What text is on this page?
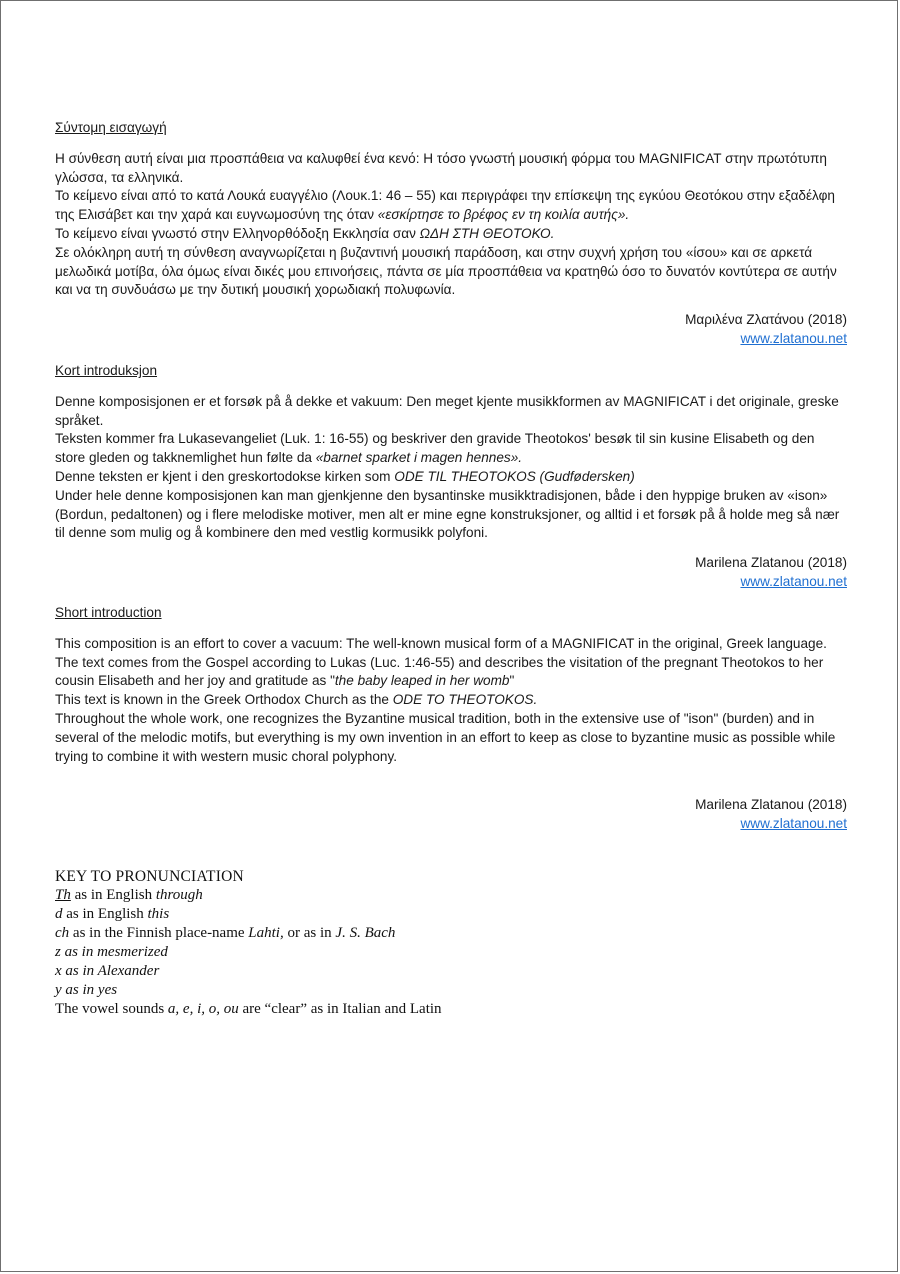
Σύντομη εισαγωγή

Η σύνθεση αυτή είναι μια προσπάθεια να καλυφθεί ένα κενό: Η τόσο γνωστή μουσική φόρμα του MAGNIFICAT στην πρωτότυπη γλώσσα, τα ελληνικά.

Το κείμενο είναι από το κατά Λουκά ευαγγέλιο (Λουκ.1: 46 – 55) και περιγράφει την επίσκεψη της εγκύου Θεοτόκου στην εξαδέλφη της Ελισάβετ και την χαρά και ευγνωμοσύνη της όταν «εσκίρτησε το βρέφος εν τη κοιλία αυτής».

Το κείμενο είναι γνωστό στην Ελληνορθόδοξη Εκκλησία σαν ΩΔΗ ΣΤΗ ΘΕΟΤΟΚΟ.

Σε ολόκληρη αυτή τη σύνθεση αναγνωρίζεται η βυζαντινή μουσική παράδοση, και στην συχνή χρήση του «ίσου» και σε αρκετά μελωδικά μοτίβα, όλα όμως είναι δικές μου επινοήσεις, πάντα σε μία προσπάθεια να κρατηθώ όσο το δυνατόν κοντύτερα σε αυτήν και να τη συνδυάσω με την δυτική μουσική χορωδιακή πολυφωνία.

Μαριλένα Ζλατάνου (2018)
www.zlatanou.net
Kort introduksjon

Denne komposisjonen er et forsøk på å dekke et vakuum: Den meget kjente musikkformen av MAGNIFICAT i det originale, greske språket.

Teksten kommer fra Lukasevangeliet (Luk. 1: 16-55) og beskriver den gravide Theotokos' besøk til sin kusine Elisabeth og den store gleden og takknemlighet hun følte da «barnet sparket i magen hennes».

Denne teksten er kjent i den greskortodokse kirken som ODE TIL THEOTOKOS (Gudfødersken)

Under hele denne komposisjonen kan man gjenkjenne den bysantinske musikktradisjonen, både i den hyppige bruken av «ison» (Bordun, pedaltonen) og i flere melodiske motiver, men alt er mine egne konstruksjoner, og alltid i et forsøk på å holde meg så nær til denne som mulig og å kombinere den med vestlig kormusikk polyfoni.

Marilena Zlatanou (2018)
www.zlatanou.net
Short introduction

This composition is an effort to cover a vacuum: The well-known musical form of a MAGNIFICAT in the original, Greek language.

The text comes from the Gospel according to Lukas (Luc. 1:46-55) and describes the visitation of the pregnant Theotokos to her cousin Elisabeth and her joy and gratitude as "the baby leaped in her womb"

This text is known in the Greek Orthodox Church as the ODE TO THEOTOKOS.

Throughout the whole work, one recognizes the Byzantine musical tradition, both in the extensive use of "ison" (burden) and in several of the melodic motifs, but everything is my own invention in an effort to keep as close to byzantine music as possible while trying to combine it with western music choral polyphony.

Marilena Zlatanou (2018)
www.zlatanou.net
KEY TO PRONUNCIATION
Th as in English through
d as in English this
ch as in the Finnish place-name Lahti, or as in J. S. Bach
z as in mesmerized
x as in Alexander
y as in yes
The vowel sounds a, e, i, o, ou are “clear” as in Italian and Latin
